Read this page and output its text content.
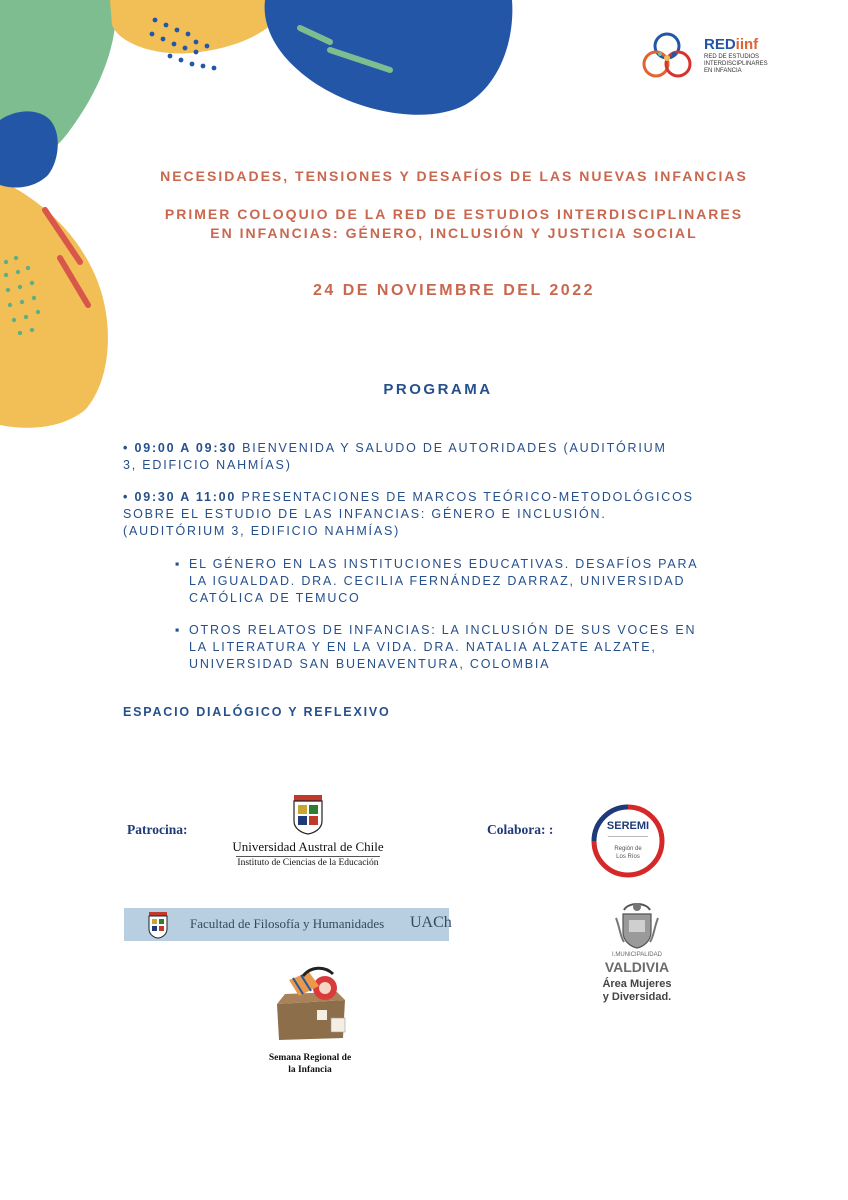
REDiinf
RED DE ESTUDIOS
INTERDISCIPLINARES
EN INFANCIA
NECESIDADES, TENSIONES Y DESAFÍOS DE LAS NUEVAS INFANCIAS
PRIMER COLOQUIO DE LA RED DE ESTUDIOS INTERDISCIPLINARES
EN INFANCIAS: GÉNERO, INCLUSIÓN Y JUSTICIA SOCIAL
24 DE NOVIEMBRE DEL 2022
PROGRAMA
• 09:00 A 09:30 BIENVENIDA Y SALUDO DE AUTORIDADES (AUDITÓRIUM
3, EDIFICIO NAHMÍAS)
• 09:30 A 11:00 PRESENTACIONES DE MARCOS TEÓRICO-METODOLÓGICOS
SOBRE EL ESTUDIO DE LAS INFANCIAS: GÉNERO E INCLUSIÓN.
(AUDITÓRIUM 3, EDIFICIO NAHMÍAS)
▪ EL GÉNERO EN LAS INSTITUCIONES EDUCATIVAS. DESAFÍOS PARA
LA IGUALDAD. DRA. CECILIA FERNÁNDEZ DARRAZ, UNIVERSIDAD
CATÓLICA DE TEMUCO
▪ OTROS RELATOS DE INFANCIAS: LA INCLUSIÓN DE SUS VOCES EN
LA LITERATURA Y EN LA VIDA. DRA. NATALIA ALZATE ALZATE,
UNIVERSIDAD SAN BUENAVENTURA, COLOMBIA
ESPACIO DIALÓGICO Y REFLEXIVO
Patrocina:	Colabora: :
Universidad Austral de Chile
Instituto de Ciencias de la Educación
Facultad de Filosofía y Humanidades UACh
Semana Regional de
la Infancia
SEREMI
Región de
Los Ríos
I.MUNICIPALIDAD
VALDIVIA
Área Mujeres
y Diversidad.
